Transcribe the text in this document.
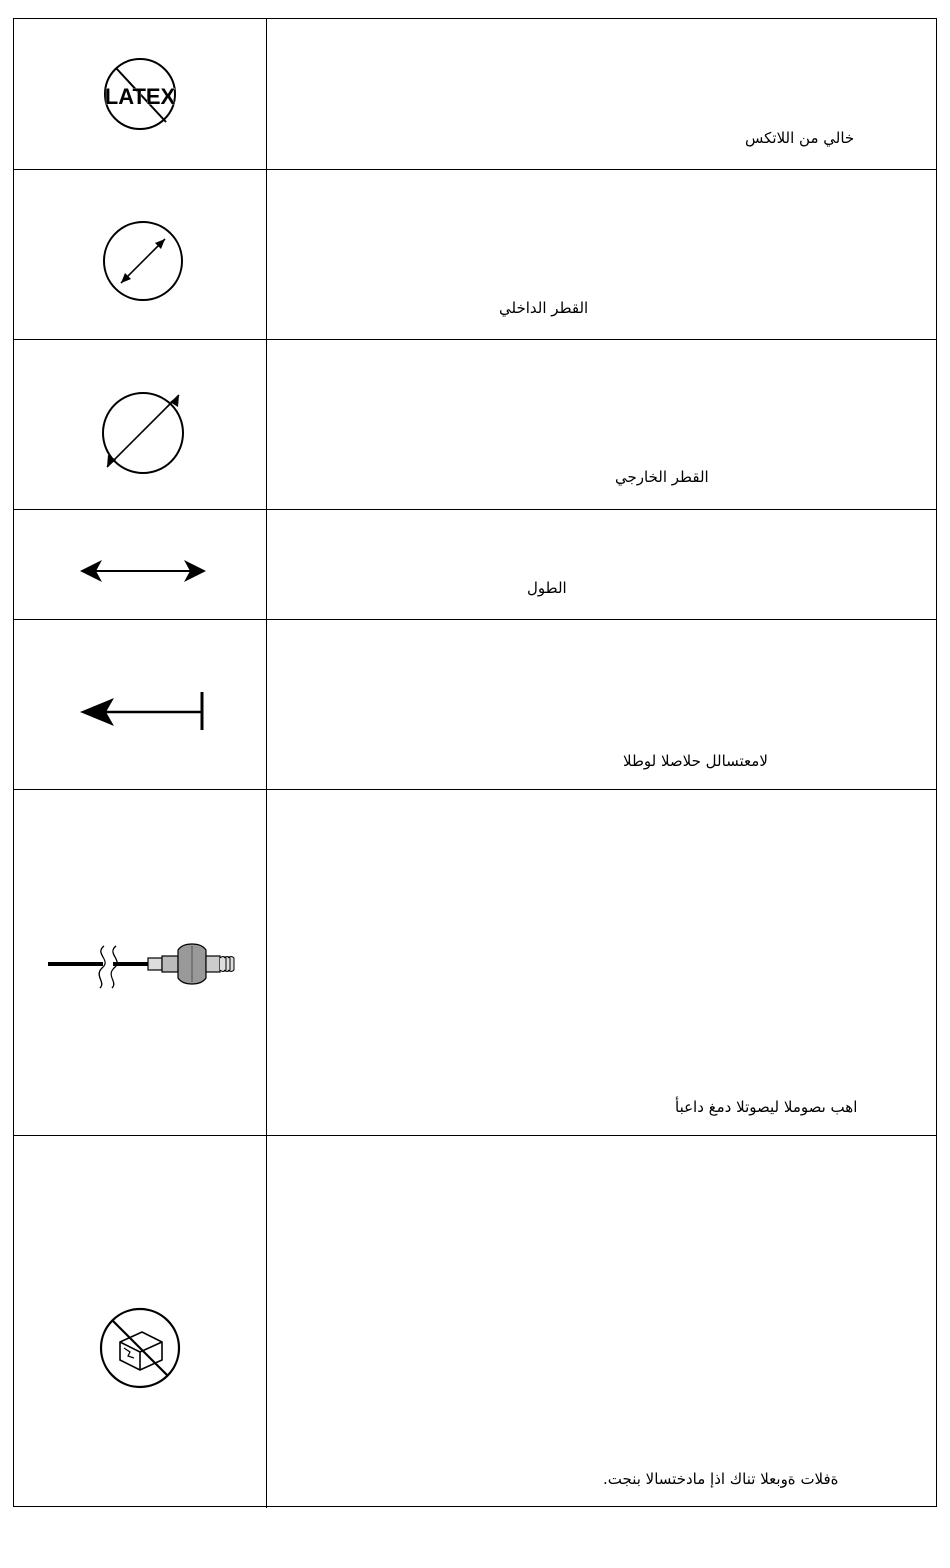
LATEX
خالي من اللاتكس
القطر الداخلي
القطر الخارجي
الطول
لامعتسالل حلاصلا لوطلا
اهب ىصوملا ليصوتلا دمغ داعبأ
.ةفلات ةوبعلا تناك اذإ مادختسالا بنجت
